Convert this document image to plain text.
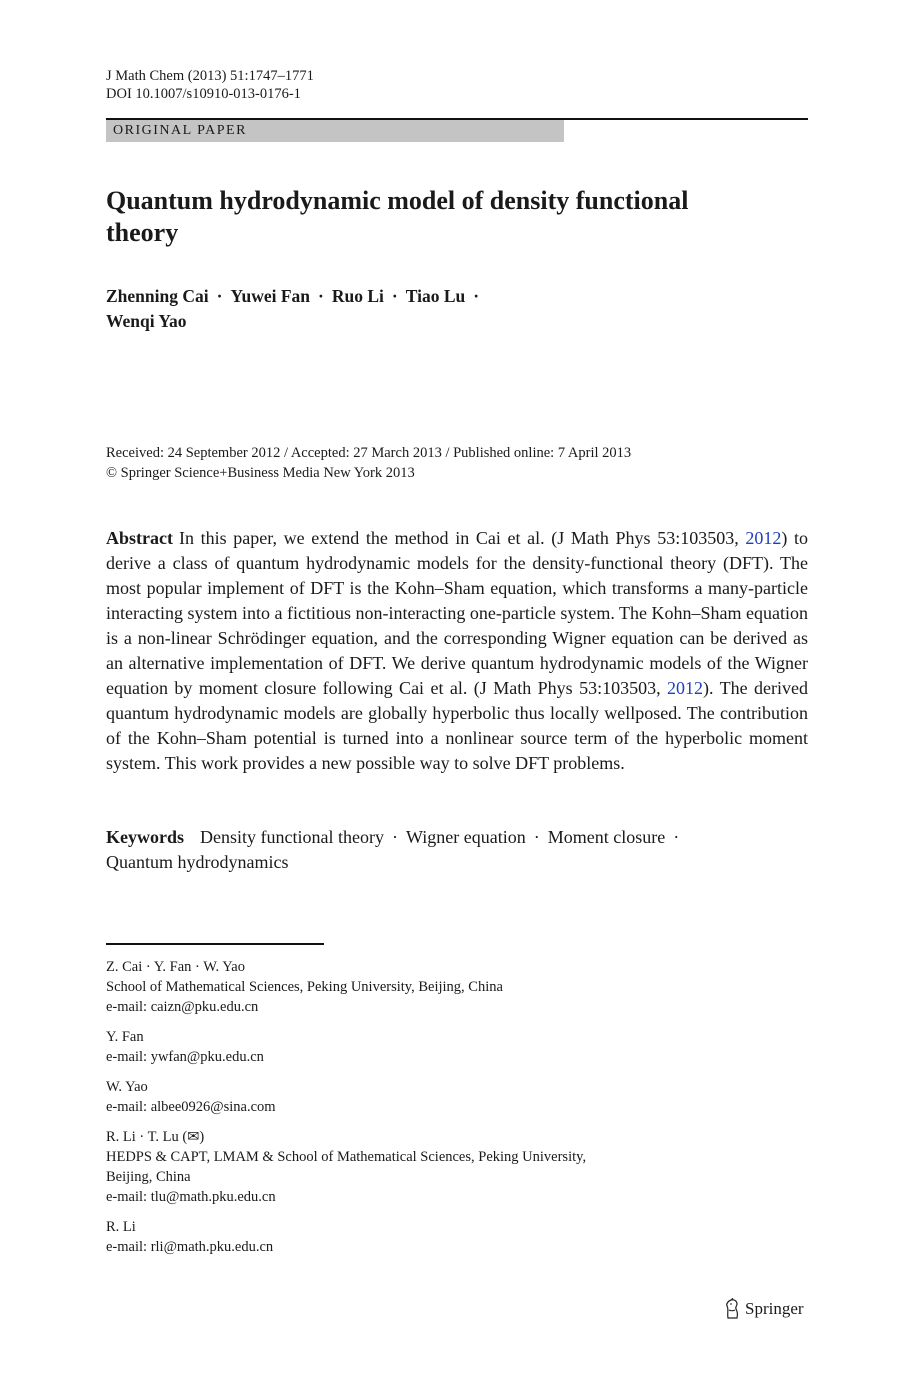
J Math Chem (2013) 51:1747–1771
DOI 10.1007/s10910-013-0176-1
ORIGINAL PAPER
Quantum hydrodynamic model of density functional theory
Zhenning Cai · Yuwei Fan · Ruo Li · Tiao Lu ·
Wenqi Yao
Received: 24 September 2012 / Accepted: 27 March 2013 / Published online: 7 April 2013
© Springer Science+Business Media New York 2013
Abstract In this paper, we extend the method in Cai et al. (J Math Phys 53:103503, 2012) to derive a class of quantum hydrodynamic models for the density-functional theory (DFT). The most popular implement of DFT is the Kohn–Sham equation, which transforms a many-particle interacting system into a fictitious non-interacting one-particle system. The Kohn–Sham equation is a non-linear Schrödinger equation, and the corresponding Wigner equation can be derived as an alternative implementation of DFT. We derive quantum hydrodynamic models of the Wigner equation by moment closure following Cai et al. (J Math Phys 53:103503, 2012). The derived quantum hydrodynamic models are globally hyperbolic thus locally wellposed. The contribution of the Kohn–Sham potential is turned into a nonlinear source term of the hyperbolic moment system. This work provides a new possible way to solve DFT problems.
Keywords Density functional theory · Wigner equation · Moment closure ·
Quantum hydrodynamics
Z. Cai · Y. Fan · W. Yao
School of Mathematical Sciences, Peking University, Beijing, China
e-mail: caizn@pku.edu.cn
Y. Fan
e-mail: ywfan@pku.edu.cn
W. Yao
e-mail: albee0926@sina.com
R. Li · T. Lu (✉)
HEDPS & CAPT, LMAM & School of Mathematical Sciences, Peking University,
Beijing, China
e-mail: tlu@math.pku.edu.cn
R. Li
e-mail: rli@math.pku.edu.cn
Springer
